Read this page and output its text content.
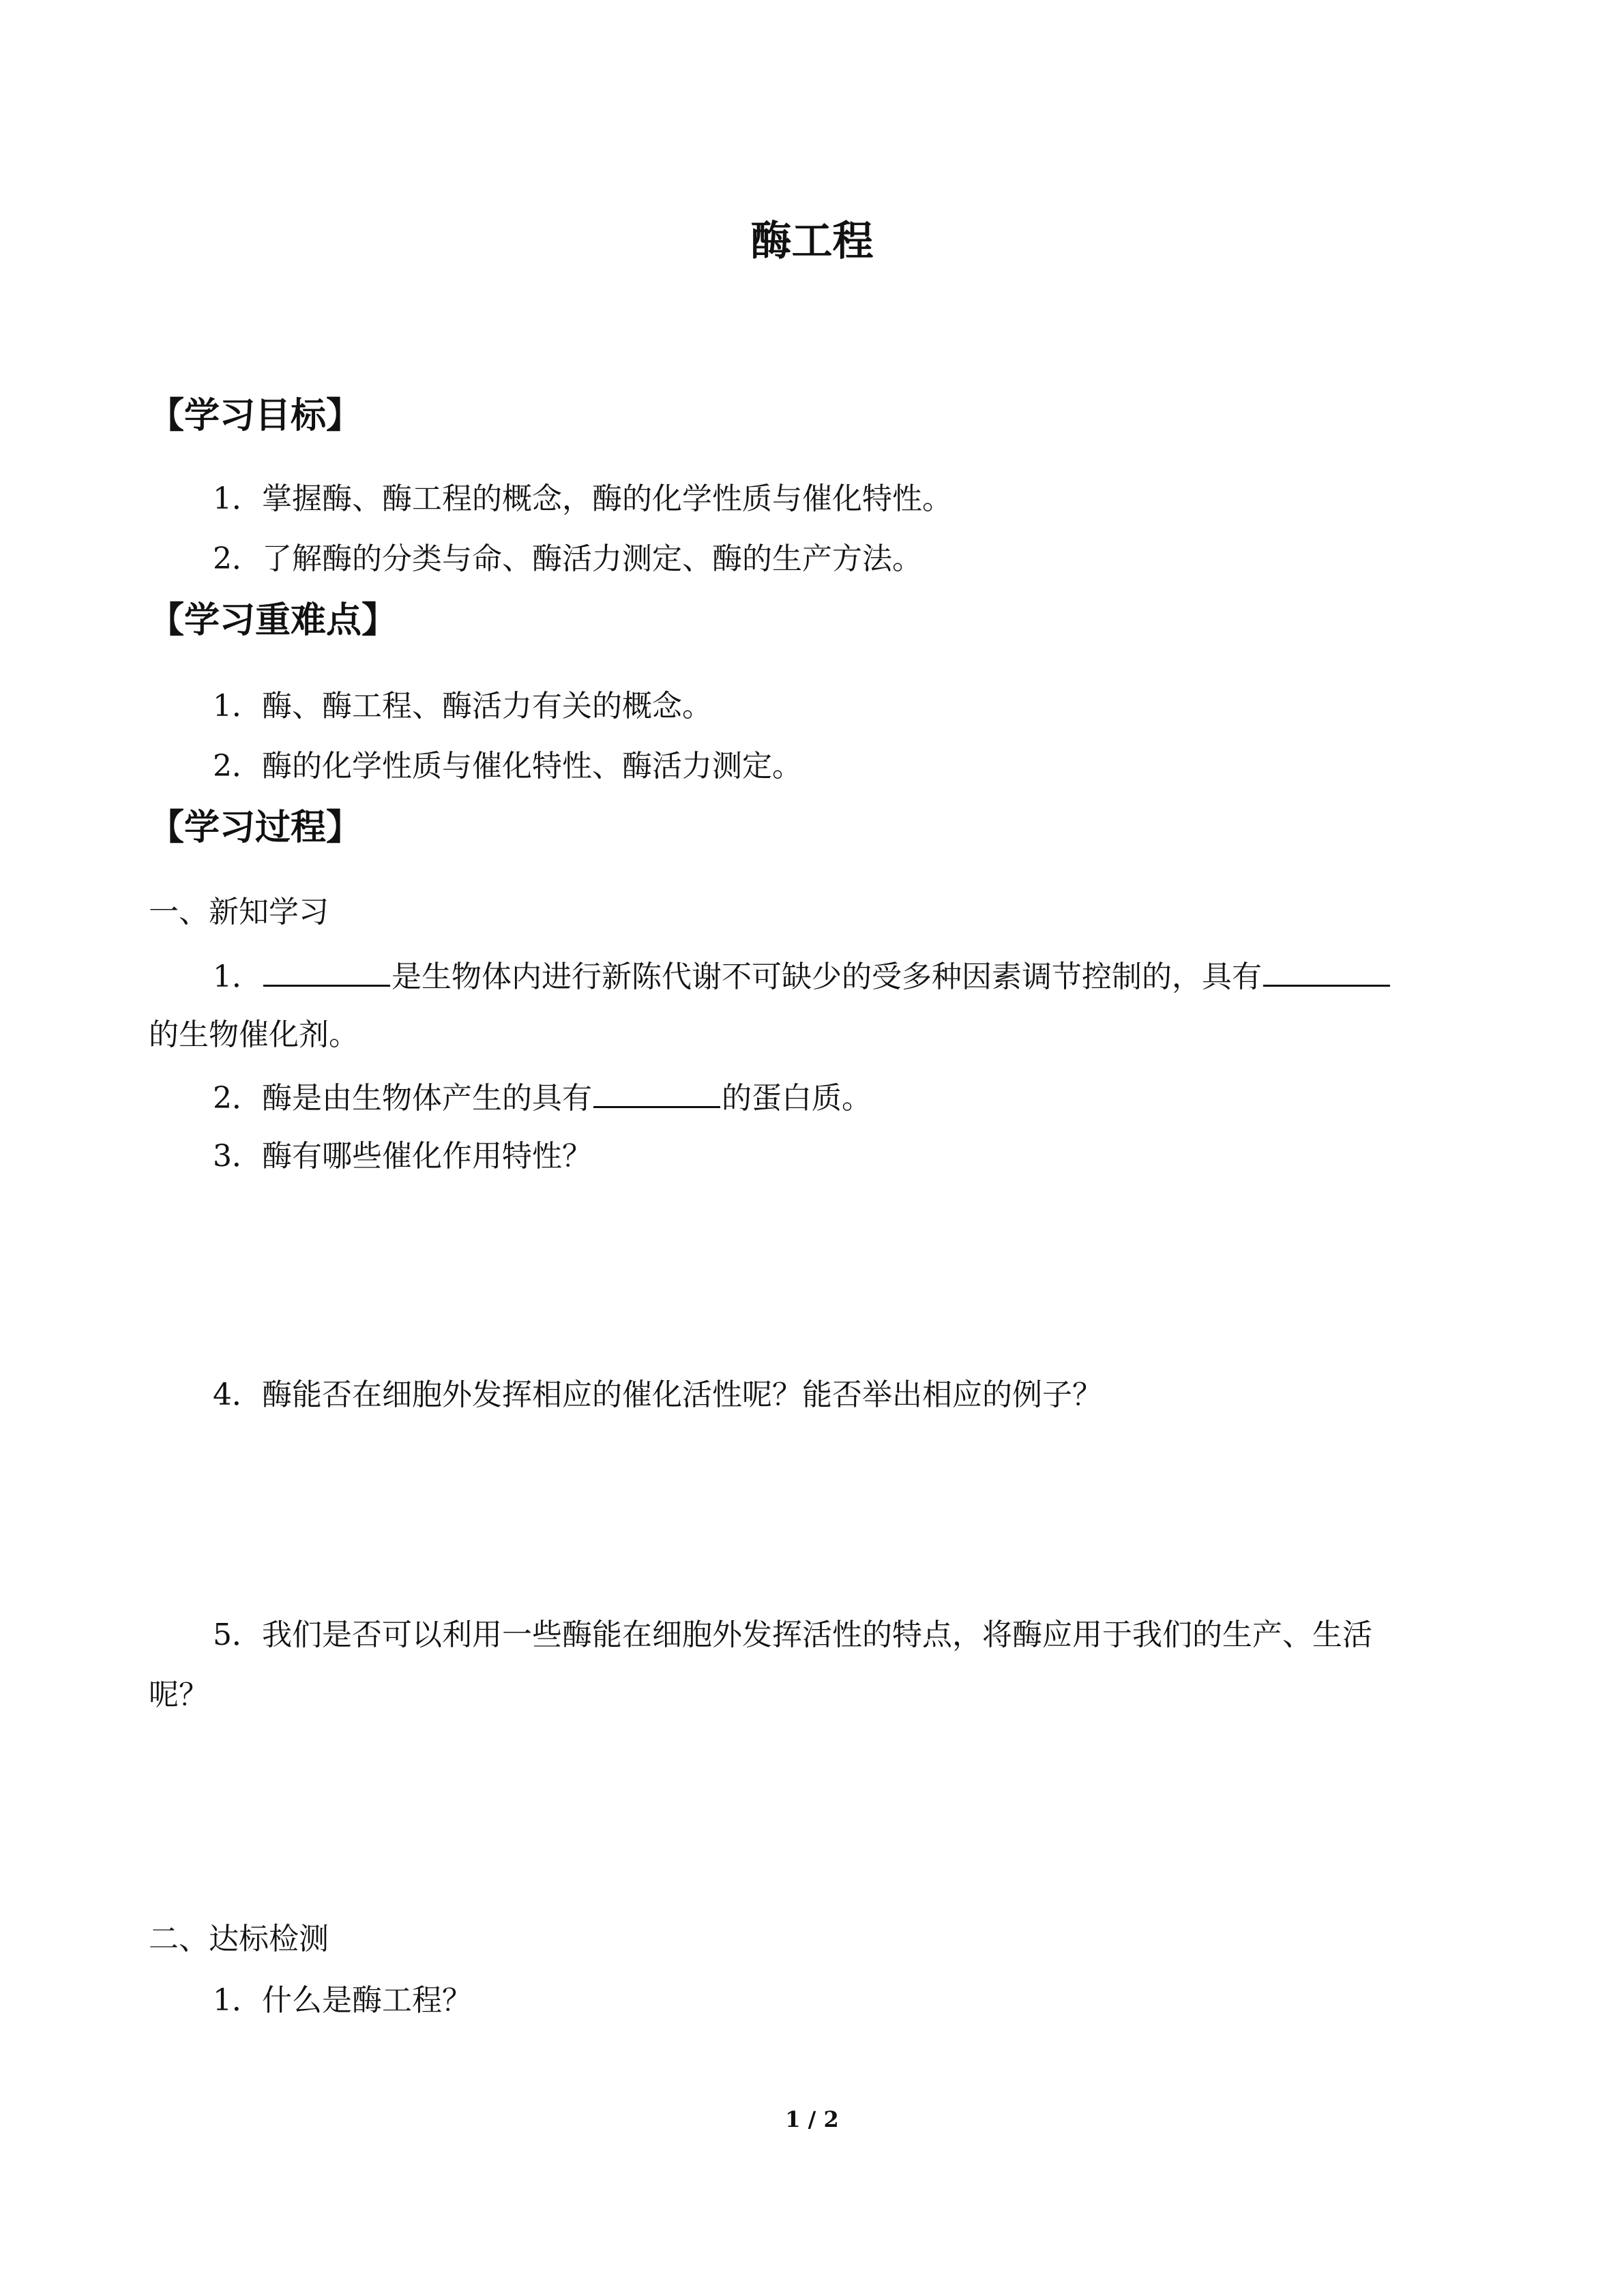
酶工程
【学习目标】
1．掌握酶、酶工程的概念，酶的化学性质与催化特性。
2．了解酶的分类与命、酶活力测定、酶的生产方法。
【学习重难点】
1．酶、酶工程、酶活力有关的概念。
2．酶的化学性质与催化特性、酶活力测定。
【学习过程】
一、新知学习
1．	是生物体内进行新陈代谢不可缺少的受多种因素调节控制的，具有
的生物催化剂。
2．酶是由生物体产生的具有	的蛋白质。
3．酶有哪些催化作用特性？
4．酶能否在细胞外发挥相应的催化活性呢？能否举出相应的例子？
5．我们是否可以利用一些酶能在细胞外发挥活性的特点，将酶应用于我们的生产、生活
呢？
二、达标检测
1．什么是酶工程？
1 / 2
